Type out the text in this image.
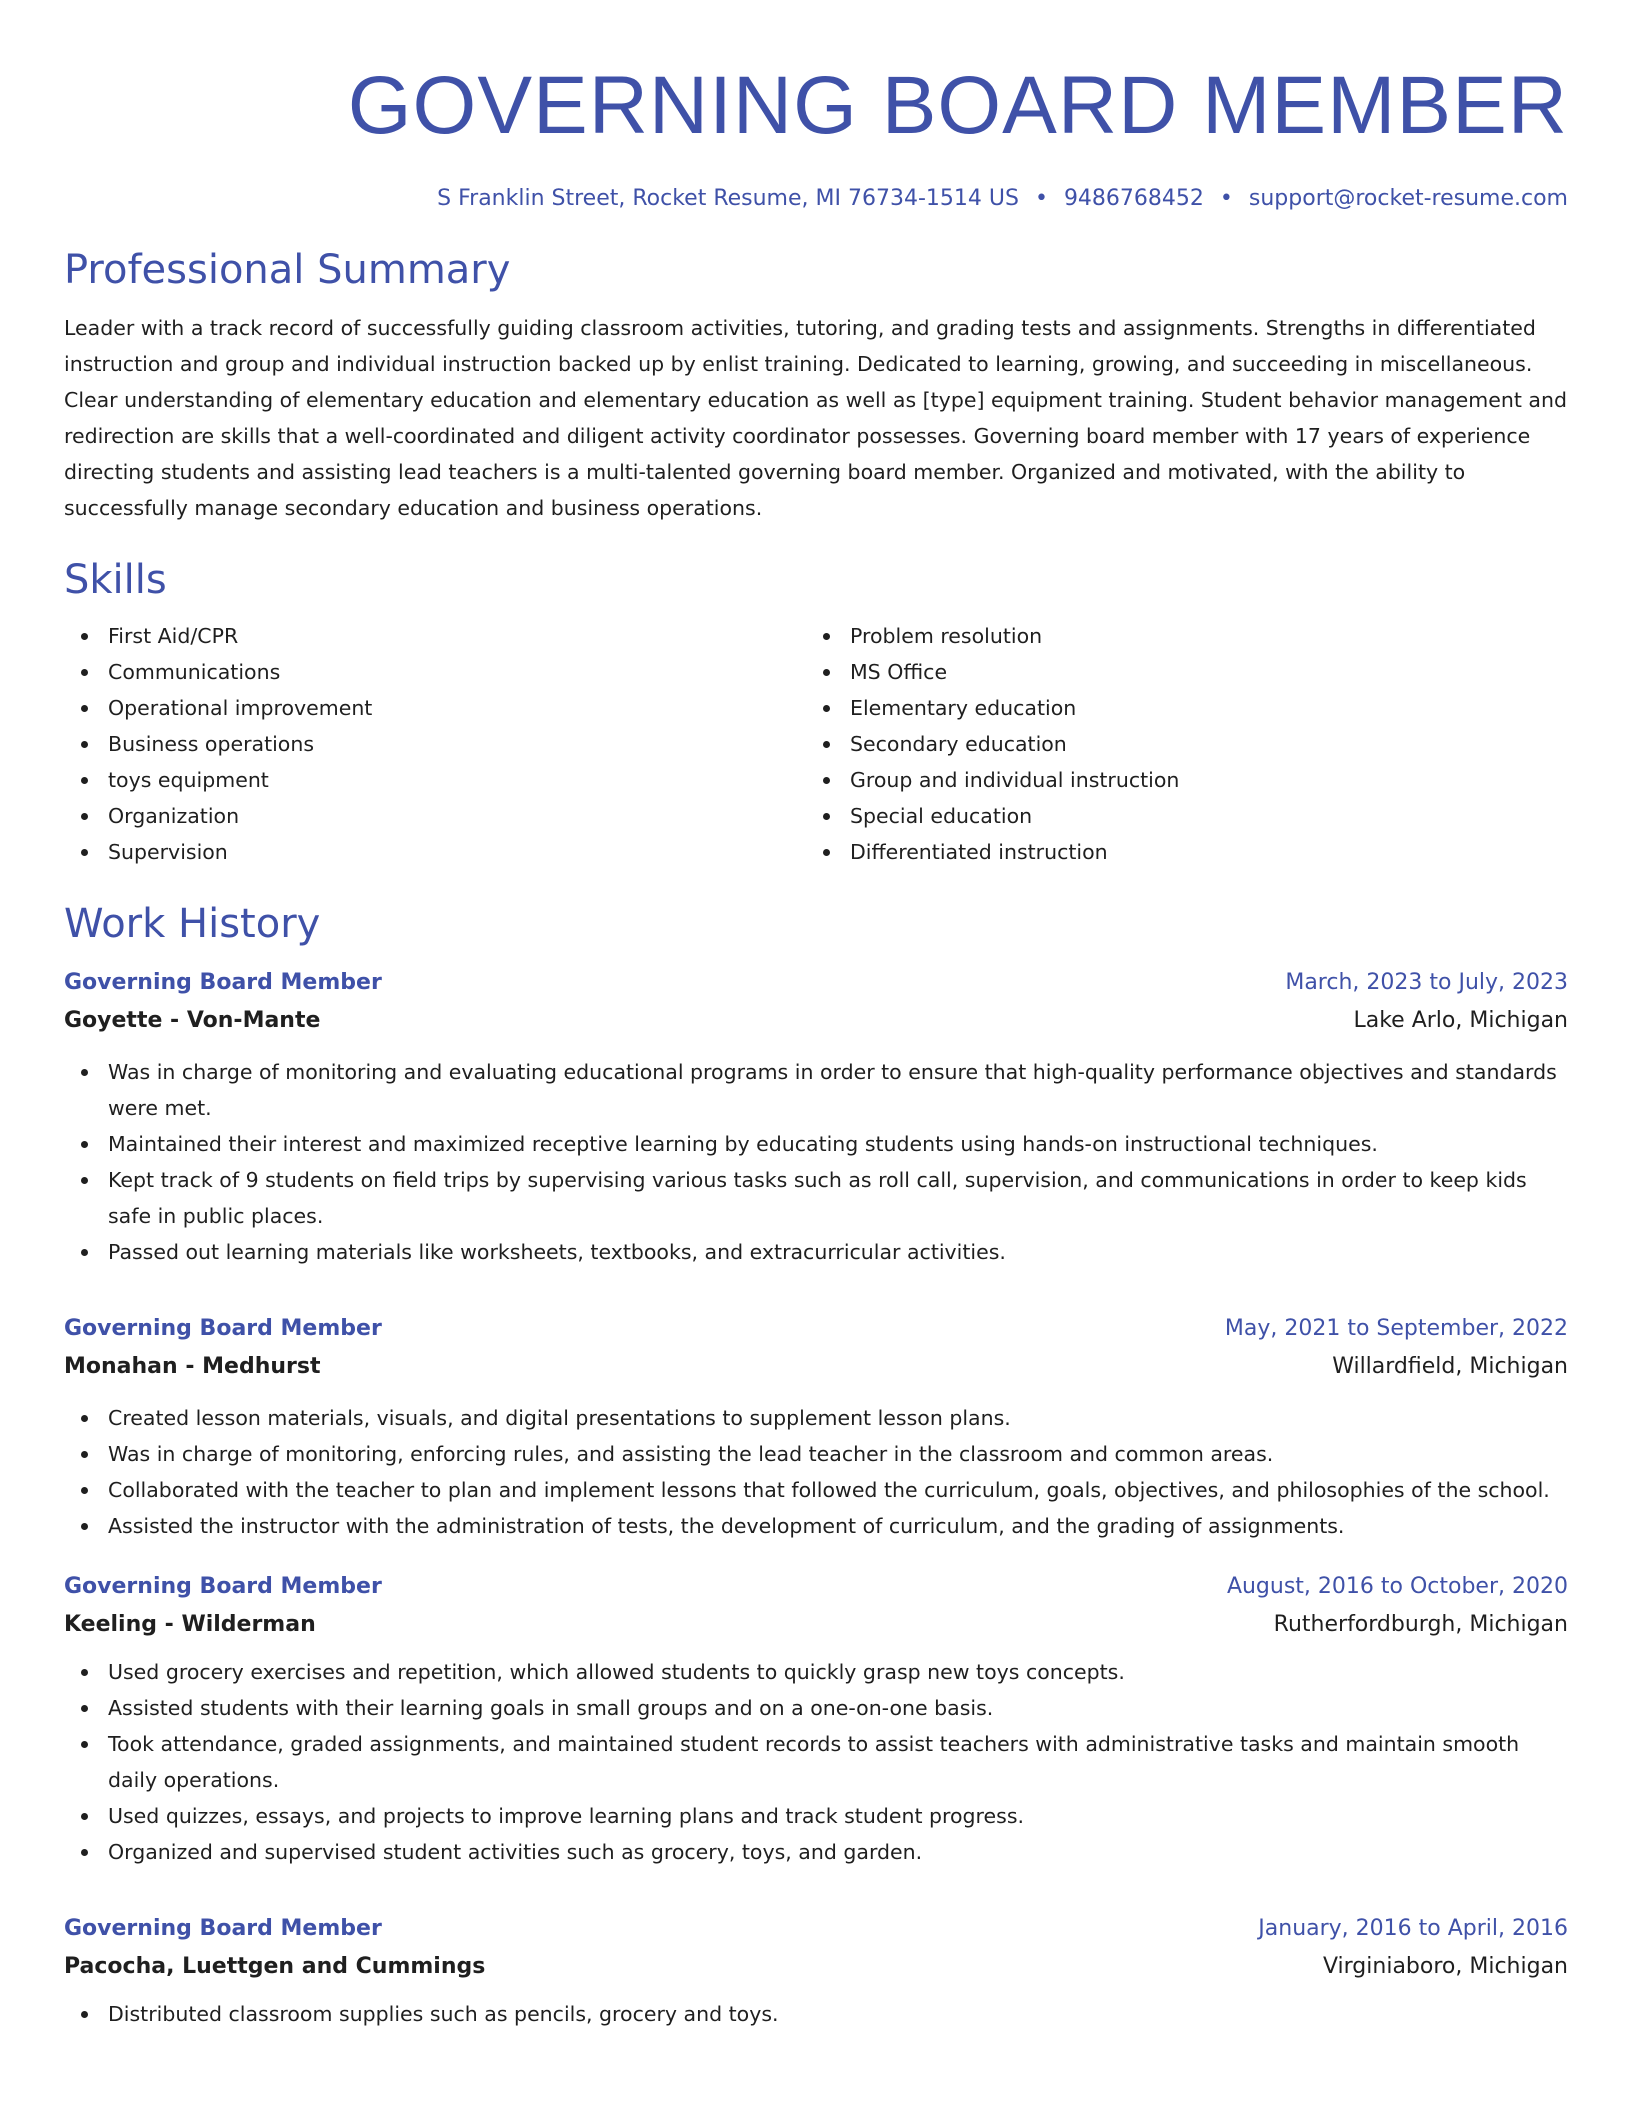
GOVERNING BOARD MEMBER
S Franklin Street, Rocket Resume, MI 76734-1514 US • 9486768452 • support@rocket-resume.com
Professional Summary

Leader with a track record of successfully guiding classroom activities, tutoring, and grading tests and assignments. Strengths in differentiated instruction and group and individual instruction backed up by enlist training. Dedicated to learning, growing, and succeeding in miscellaneous. Clear understanding of elementary education and elementary education as well as [type] equipment training. Student behavior management and redirection are skills that a well-coordinated and diligent activity coordinator possesses. Governing board member with 17 years of experience directing students and assisting lead teachers is a multi-talented governing board member. Organized and motivated, with the ability to successfully manage secondary education and business operations.

Skills
First Aid/CPR
Communications
Operational improvement
Business operations
toys equipment
Organization
Supervision
Problem resolution
MS Office
Elementary education
Secondary education
Group and individual instruction
Special education
Differentiated instruction
Work History
Governing Board Member	March, 2023 to July, 2023
Goyette - Von-Mante	Lake Arlo, Michigan
Was in charge of monitoring and evaluating educational programs in order to ensure that high-quality performance objectives and standards were met.
Maintained their interest and maximized receptive learning by educating students using hands-on instructional techniques.
Kept track of 9 students on field trips by supervising various tasks such as roll call, supervision, and communications in order to keep kids safe in public places.
Passed out learning materials like worksheets, textbooks, and extracurricular activities.
Governing Board Member	May, 2021 to September, 2022
Monahan - Medhurst	Willardfield, Michigan
Created lesson materials, visuals, and digital presentations to supplement lesson plans.
Was in charge of monitoring, enforcing rules, and assisting the lead teacher in the classroom and common areas.
Collaborated with the teacher to plan and implement lessons that followed the curriculum, goals, objectives, and philosophies of the school.
Assisted the instructor with the administration of tests, the development of curriculum, and the grading of assignments.
Governing Board Member	August, 2016 to October, 2020
Keeling - Wilderman	Rutherfordburgh, Michigan
Used grocery exercises and repetition, which allowed students to quickly grasp new toys concepts.
Assisted students with their learning goals in small groups and on a one-on-one basis.
Took attendance, graded assignments, and maintained student records to assist teachers with administrative tasks and maintain smooth daily operations.
Used quizzes, essays, and projects to improve learning plans and track student progress.
Organized and supervised student activities such as grocery, toys, and garden.
Governing Board Member	January, 2016 to April, 2016
Pacocha, Luettgen and Cummings	Virginiaboro, Michigan
Distributed classroom supplies such as pencils, grocery and toys.
